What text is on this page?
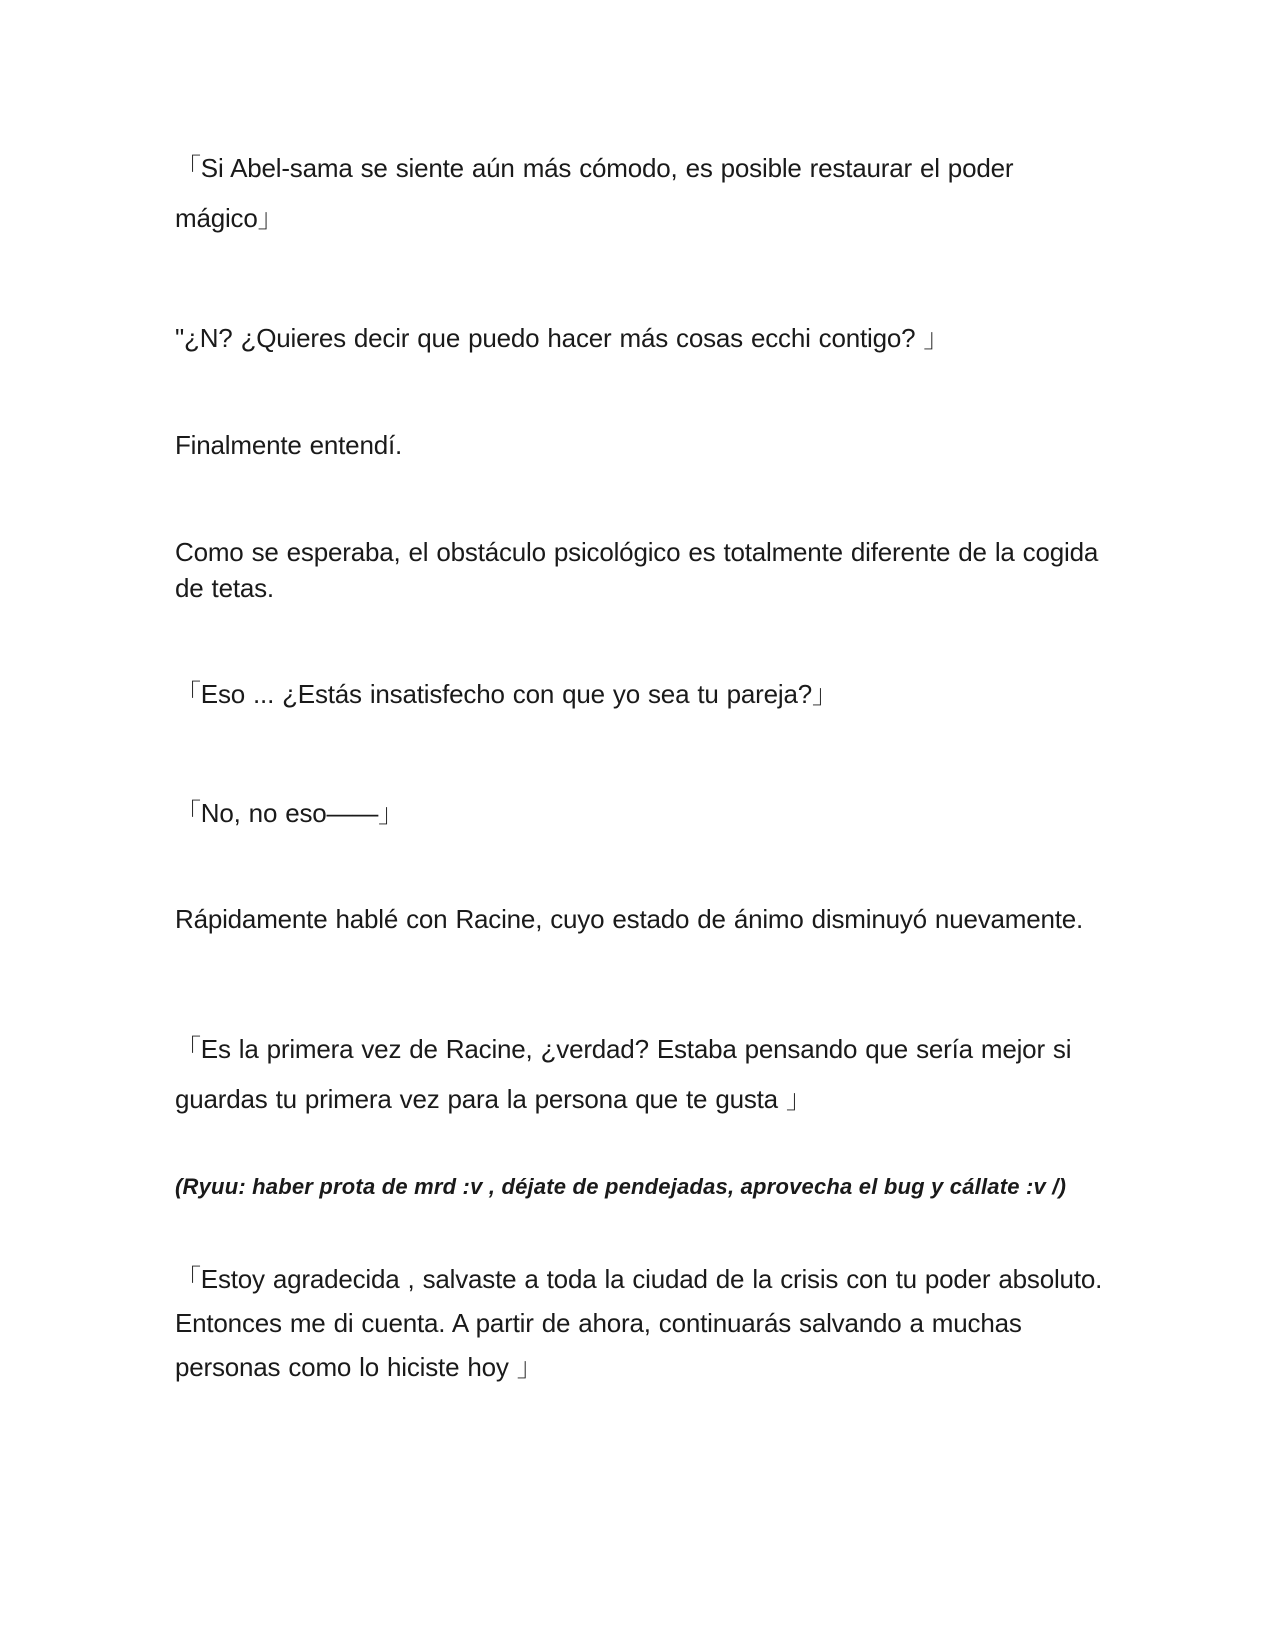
「Si Abel-sama se siente aún más cómodo, es posible restaurar el poder mágico」

"¿N? ¿Quieres decir que puedo hacer más cosas ecchi contigo? 」

Finalmente entendí.

Como se esperaba, el obstáculo psicológico es totalmente diferente de la cogida de tetas.

「Eso ... ¿Estás insatisfecho con que yo sea tu pareja?」

「No, no eso——」

Rápidamente hablé con Racine, cuyo estado de ánimo disminuyó nuevamente.

「Es la primera vez de Racine, ¿verdad? Estaba pensando que sería mejor si guardas tu primera vez para la persona que te gusta 」

(Ryuu: haber prota de mrd :v , déjate de pendejadas, aprovecha el bug y cállate :v /)

「Estoy agradecida , salvaste a toda la ciudad de la crisis con tu poder absoluto. Entonces me di cuenta. A partir de ahora, continuarás salvando a muchas personas como lo hiciste hoy 」
